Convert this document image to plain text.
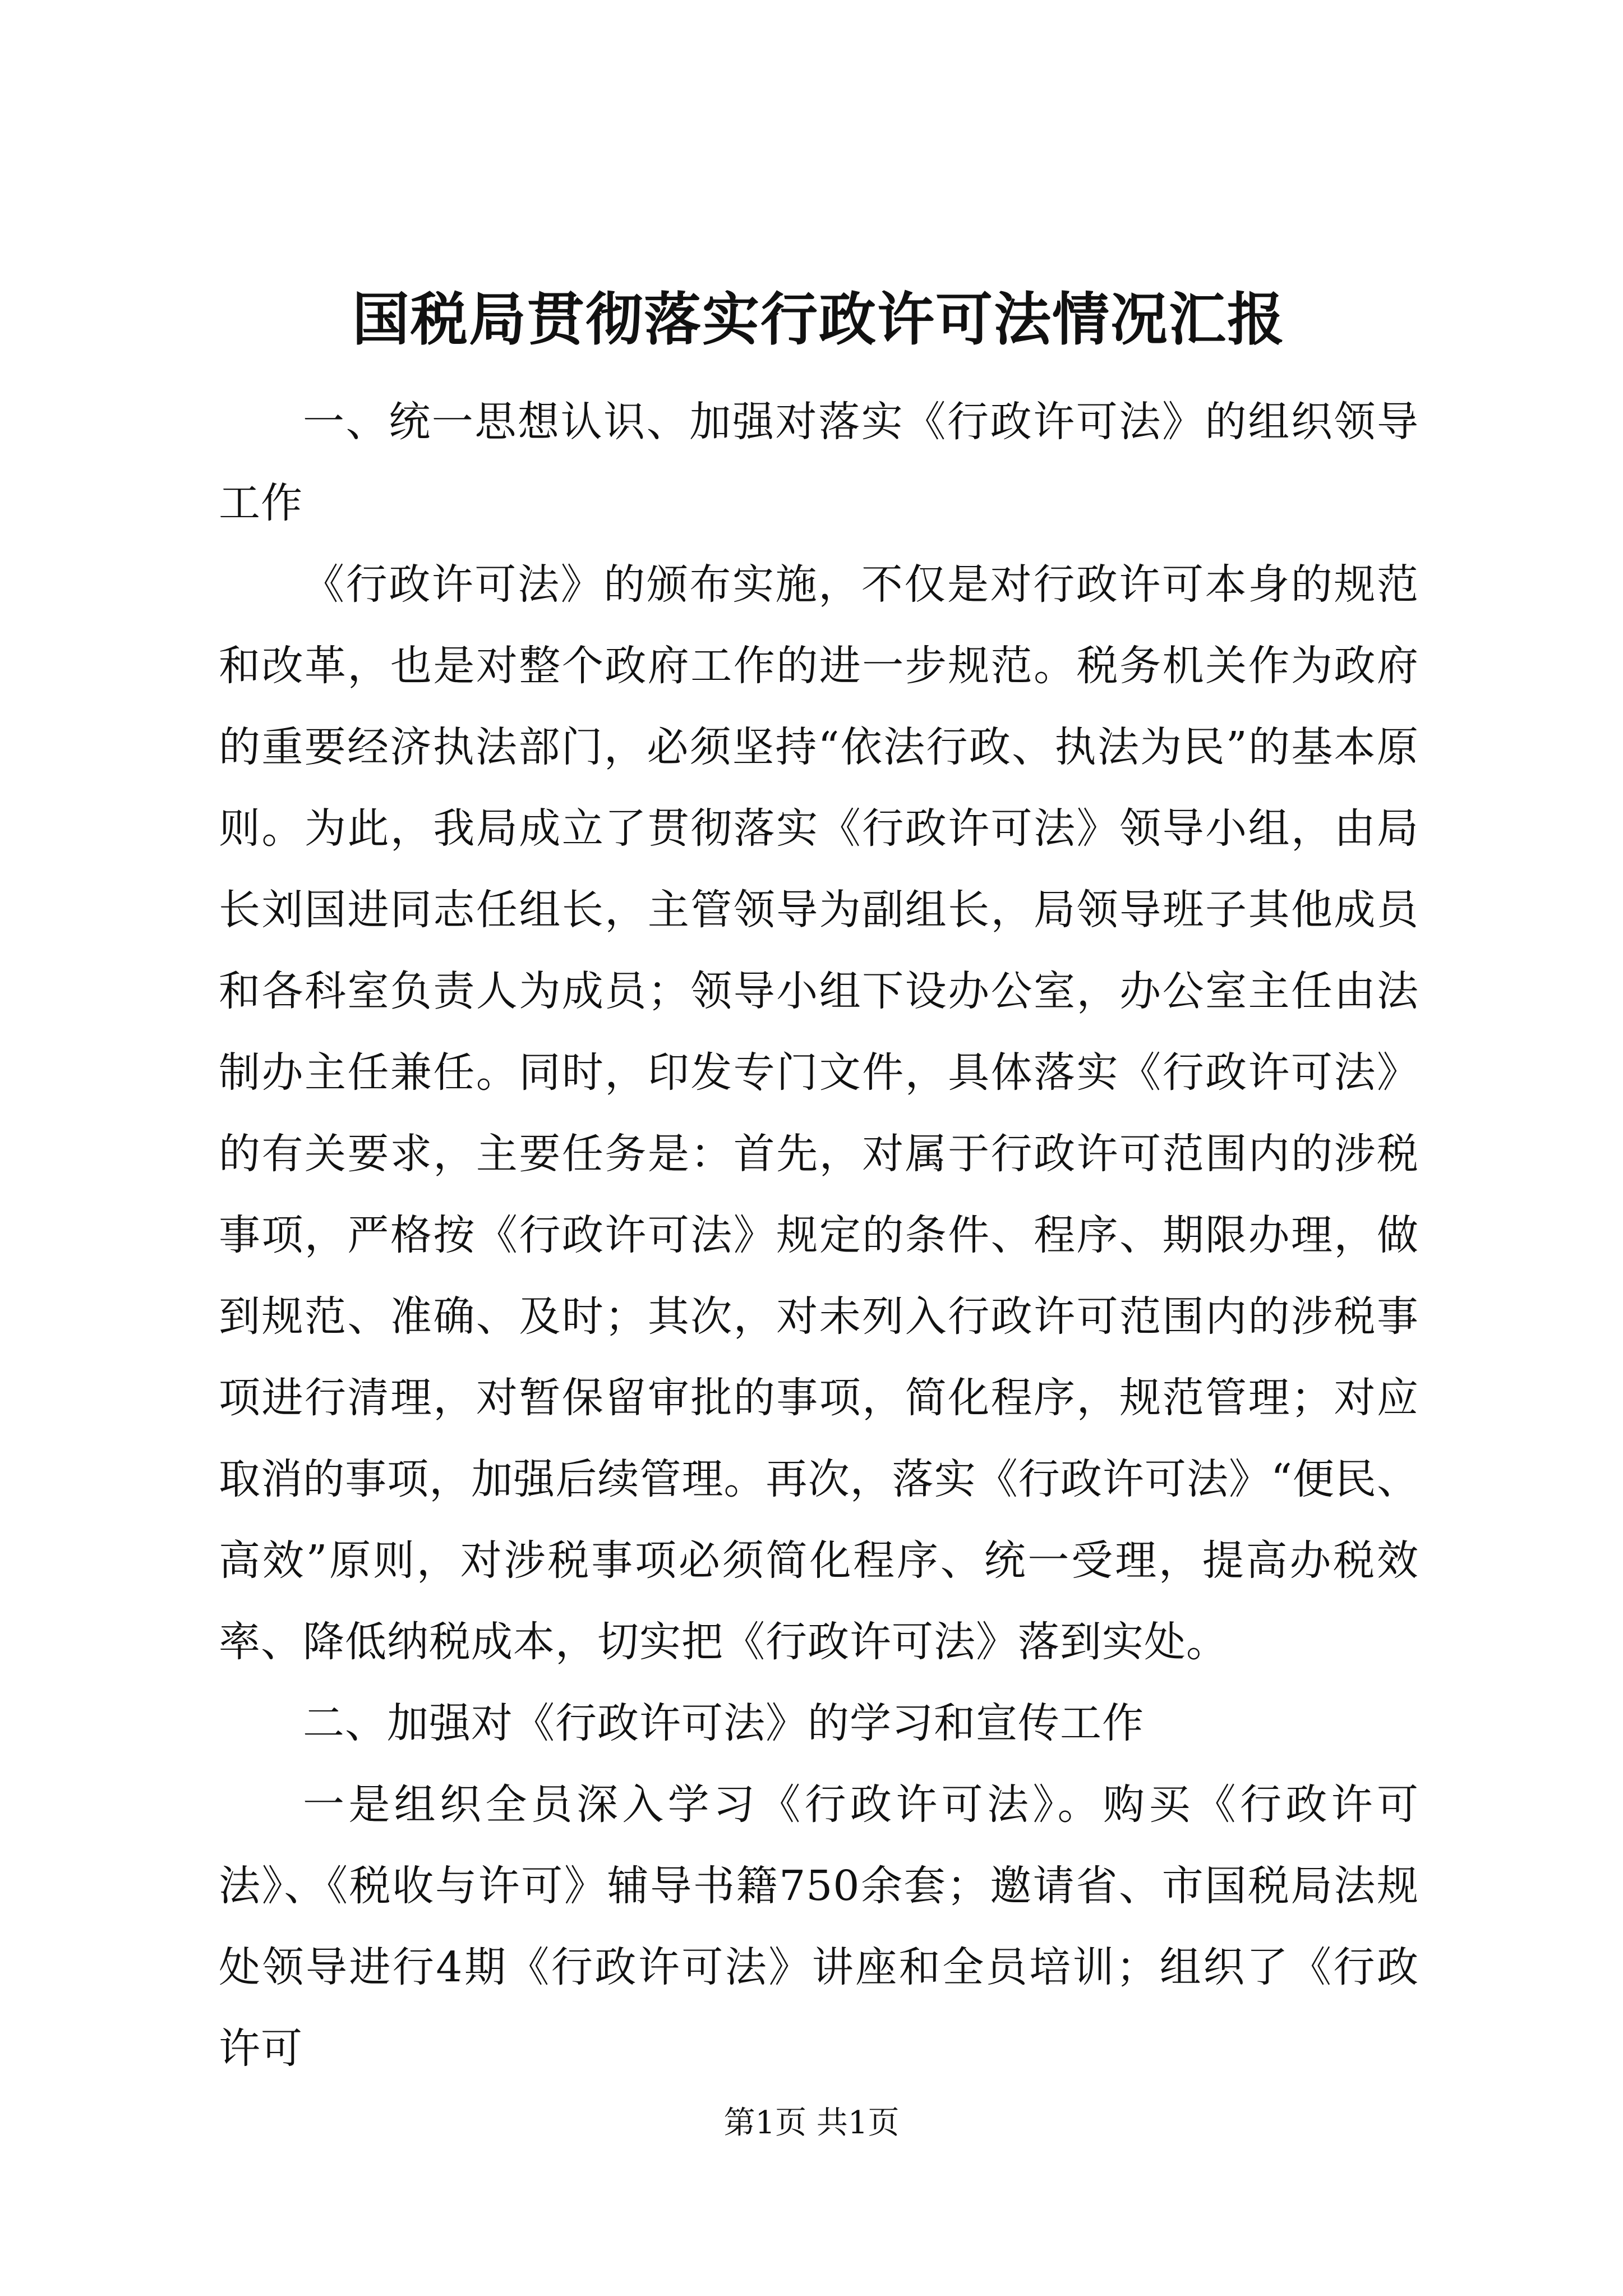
国税局贯彻落实行政许可法情况汇报

一、统一思想认识、加强对落实《行政许可法》的组织领导工作

《行政许可法》的颁布实施，不仅是对行政许可本身的规范和改革，也是对整个政府工作的进一步规范。税务机关作为政府的重要经济执法部门，必须坚持“依法行政、执法为民”的基本原则。为此，我局成立了贯彻落实《行政许可法》领导小组，由局长刘国进同志任组长，主管领导为副组长，局领导班子其他成员和各科室负责人为成员；领导小组下设办公室，办公室主任由法制办主任兼任。同时，印发专门文件，具体落实《行政许可法》的有关要求，主要任务是：首先，对属于行政许可范围内的涉税事项，严格按《行政许可法》规定的条件、程序、期限办理，做到规范、准确、及时；其次，对未列入行政许可范围内的涉税事项进行清理，对暂保留审批的事项，简化程序，规范管理；对应取消的事项，加强后续管理。再次，落实《行政许可法》“便民、高效”原则，对涉税事项必须简化程序、统一受理，提高办税效率、降低纳税成本，切实把《行政许可法》落到实处。

二、加强对《行政许可法》的学习和宣传工作

一是组织全员深入学习《行政许可法》。购买《行政许可法》、《税收与许可》辅导书籍750余套；邀请省、市国税局法规处领导进行4期《行政许可法》讲座和全员培训；组织了《行政许可

第1页 共1页
